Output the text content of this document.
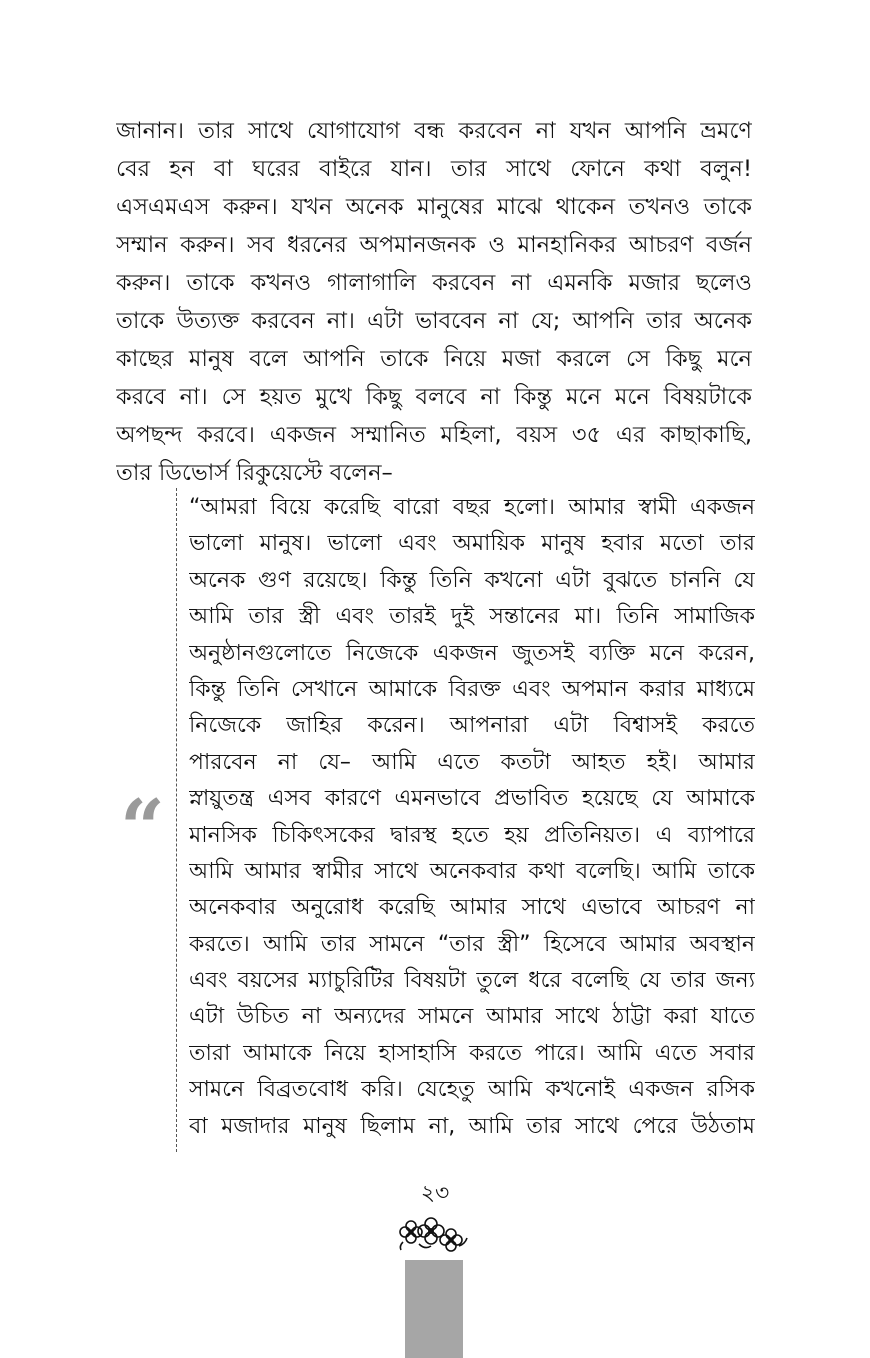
জানান। তার সাথে যোগাযোগ বন্ধ করবেন না যখন আপনি ভ্রমণে
বের হন বা ঘরের বাইরে যান। তার সাথে ফোনে কথা বলুন!
এসএমএস করুন। যখন অনেক মানুষের মাঝে থাকেন তখনও তাকে
সম্মান করুন। সব ধরনের অপমানজনক ও মানহানিকর আচরণ বর্জন
করুন। তাকে কখনও গালাগালি করবেন না এমনকি মজার ছলেও
তাকে উত্যক্ত করবেন না। এটা ভাববেন না যে; আপনি তার অনেক
কাছের মানুষ বলে আপনি তাকে নিয়ে মজা করলে সে কিছু মনে
করবে না। সে হয়ত মুখে কিছু বলবে না কিন্তু মনে মনে বিষয়টাকে
অপছন্দ করবে। একজন সম্মানিত মহিলা, বয়স ৩৫ এর কাছাকাছি,
তার ডিভোর্স রিকুয়েস্টে বলেন–
“
“আমরা বিয়ে করেছি বারো বছর হলো। আমার স্বামী একজন
ভালো মানুষ। ভালো এবং অমায়িক মানুষ হবার মতো তার
অনেক গুণ রয়েছে। কিন্তু তিনি কখনো এটা বুঝতে চাননি যে
আমি তার স্ত্রী এবং তারই দুই সন্তানের মা। তিনি সামাজিক
অনুষ্ঠানগুলোতে নিজেকে একজন জুতসই ব্যক্তি মনে করেন,
কিন্তু তিনি সেখানে আমাকে বিরক্ত এবং অপমান করার মাধ্যমে
নিজেকে জাহির করেন। আপনারা এটা বিশ্বাসই করতে
পারবেন না যে– আমি এতে কতটা আহত হই। আমার
স্নায়ুতন্ত্র এসব কারণে এমনভাবে প্রভাবিত হয়েছে যে আমাকে
মানসিক চিকিৎসকের দ্বারস্থ হতে হয় প্রতিনিয়ত। এ ব্যাপারে
আমি আমার স্বামীর সাথে অনেকবার কথা বলেছি। আমি তাকে
অনেকবার অনুরোধ করেছি আমার সাথে এভাবে আচরণ না
করতে। আমি তার সামনে “তার স্ত্রী” হিসেবে আমার অবস্থান
এবং বয়সের ম্যাচুরিটির বিষয়টা তুলে ধরে বলেছি যে তার জন্য
এটা উচিত না অন্যদের সামনে আমার সাথে ঠাট্টা করা যাতে
তারা আমাকে নিয়ে হাসাহাসি করতে পারে। আমি এতে সবার
সামনে বিব্রতবোধ করি। যেহেতু আমি কখনোই একজন রসিক
বা মজাদার মানুষ ছিলাম না, আমি তার সাথে পেরে উঠতাম
২৩
